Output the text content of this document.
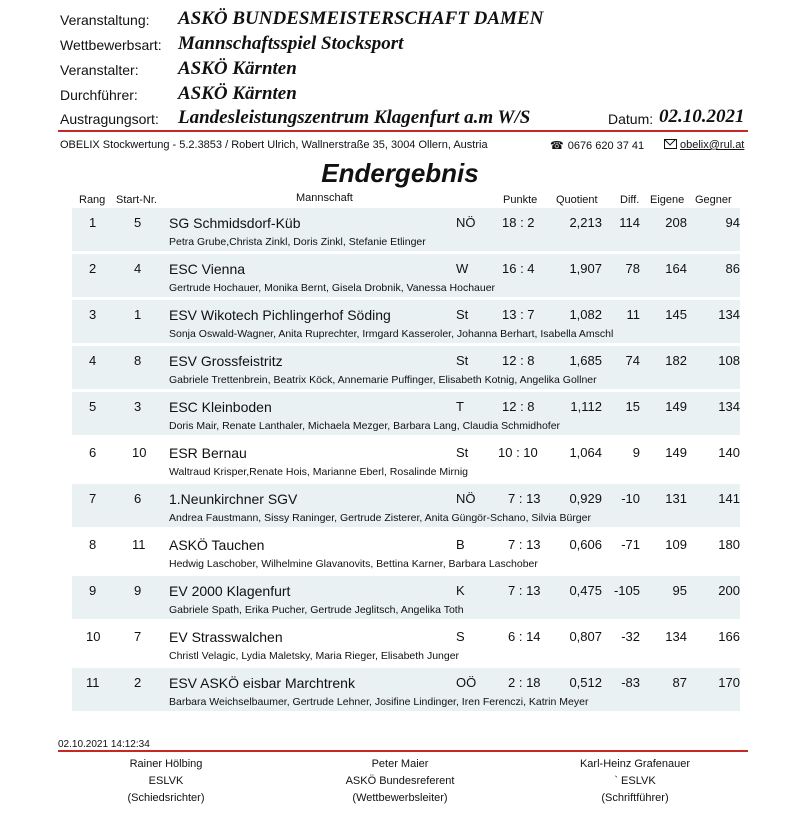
Veranstaltung: ASKÖ BUNDESMEISTERSCHAFT DAMEN
Wettbewerbsart: Mannschaftsspiel Stocksport
Veranstalter: ASKÖ Kärnten
Durchführer: ASKÖ Kärnten
Austragungsort: Landesleistungszentrum Klagenfurt a.m W/S	Datum: 02.10.2021
OBELIX Stockwertung - 5.2.3853 / Robert Ulrich, Wallnerstraße 35, 3004 Ollern, Austria	☎ 0676 620 37 41	obelix@rul.at
Endergebnis
Rang Start-Nr.	Mannschaft	Punkte Quotient Diff. Eigene Gegner
1	5 SG Schmidsdorf-Küb	NÖ 18 : 2	2,213 114 208	94
Petra Grube,Christa Zinkl, Doris Zinkl, Stefanie Etlinger
2	4 ESC Vienna	W	16 : 4	1,907 78 164	86
Gertrude Hochauer, Monika Bernt, Gisela Drobnik, Vanessa Hochauer
3	1 ESV Wikotech Pichlingerhof Söding	St	13 : 7	1,082 11 145 134
Sonja Oswald-Wagner, Anita Ruprechter, Irmgard Kasseroler, Johanna Berhart, Isabella Amschl
4	8 ESV Grossfeistritz	St	12 : 8	1,685 74 182 108
Gabriele Trettenbrein, Beatrix Köck, Annemarie Puffinger, Elisabeth Kotnig, Angelika Gollner
5	3 ESC Kleinboden	T	12 : 8	1,112 15 149 134
Doris Mair, Renate Lanthaler, Michaela Mezger, Barbara Lang, Claudia Schmidhofer
6	10 ESR Bernau	St 10 : 10 1,064 9 149 140
Waltraud Krisper,Renate Hois, Marianne Eberl, Rosalinde Mirnig
7	6 1.Neunkirchner SGV	NÖ	7 : 13 0,929 -10 131 141
Andrea Faustmann, Sissy Raninger, Gertrude Zisterer, Anita Güngör-Schano, Silvia Bürger
8	11 ASKÖ Tauchen	B	7 : 13 0,606 -71 109 180
Hedwig Laschober, Wilhelmine Glavanovits, Bettina Karner, Barbara Laschober
9	9 EV 2000 Klagenfurt	K	7 : 13 0,475 -105	95 200
Gabriele Spath, Erika Pucher, Gertrude Jeglitsch, Angelika Toth
10	7 EV Strasswalchen	S	6 : 14 0,807 -32 134 166
Christl Velagic, Lydia Maletsky, Maria Rieger, Elisabeth Junger
11	2 ESV ASKÖ eisbar Marchtrenk	OÖ 2 : 18 0,512 -83	87 170
Barbara Weichselbaumer, Gertrude Lehner, Josifine Lindinger, Iren Ferenczi, Katrin Meyer
02.10.2021 14:12:34
Rainer Hölbing
ESLVK
(Schiedsrichter)
Peter Maier
ASKÖ Bundesreferent
(Wettbewerbsleiter)
Karl-Heinz Grafenauer
` ESLVK
(Schriftführer)
